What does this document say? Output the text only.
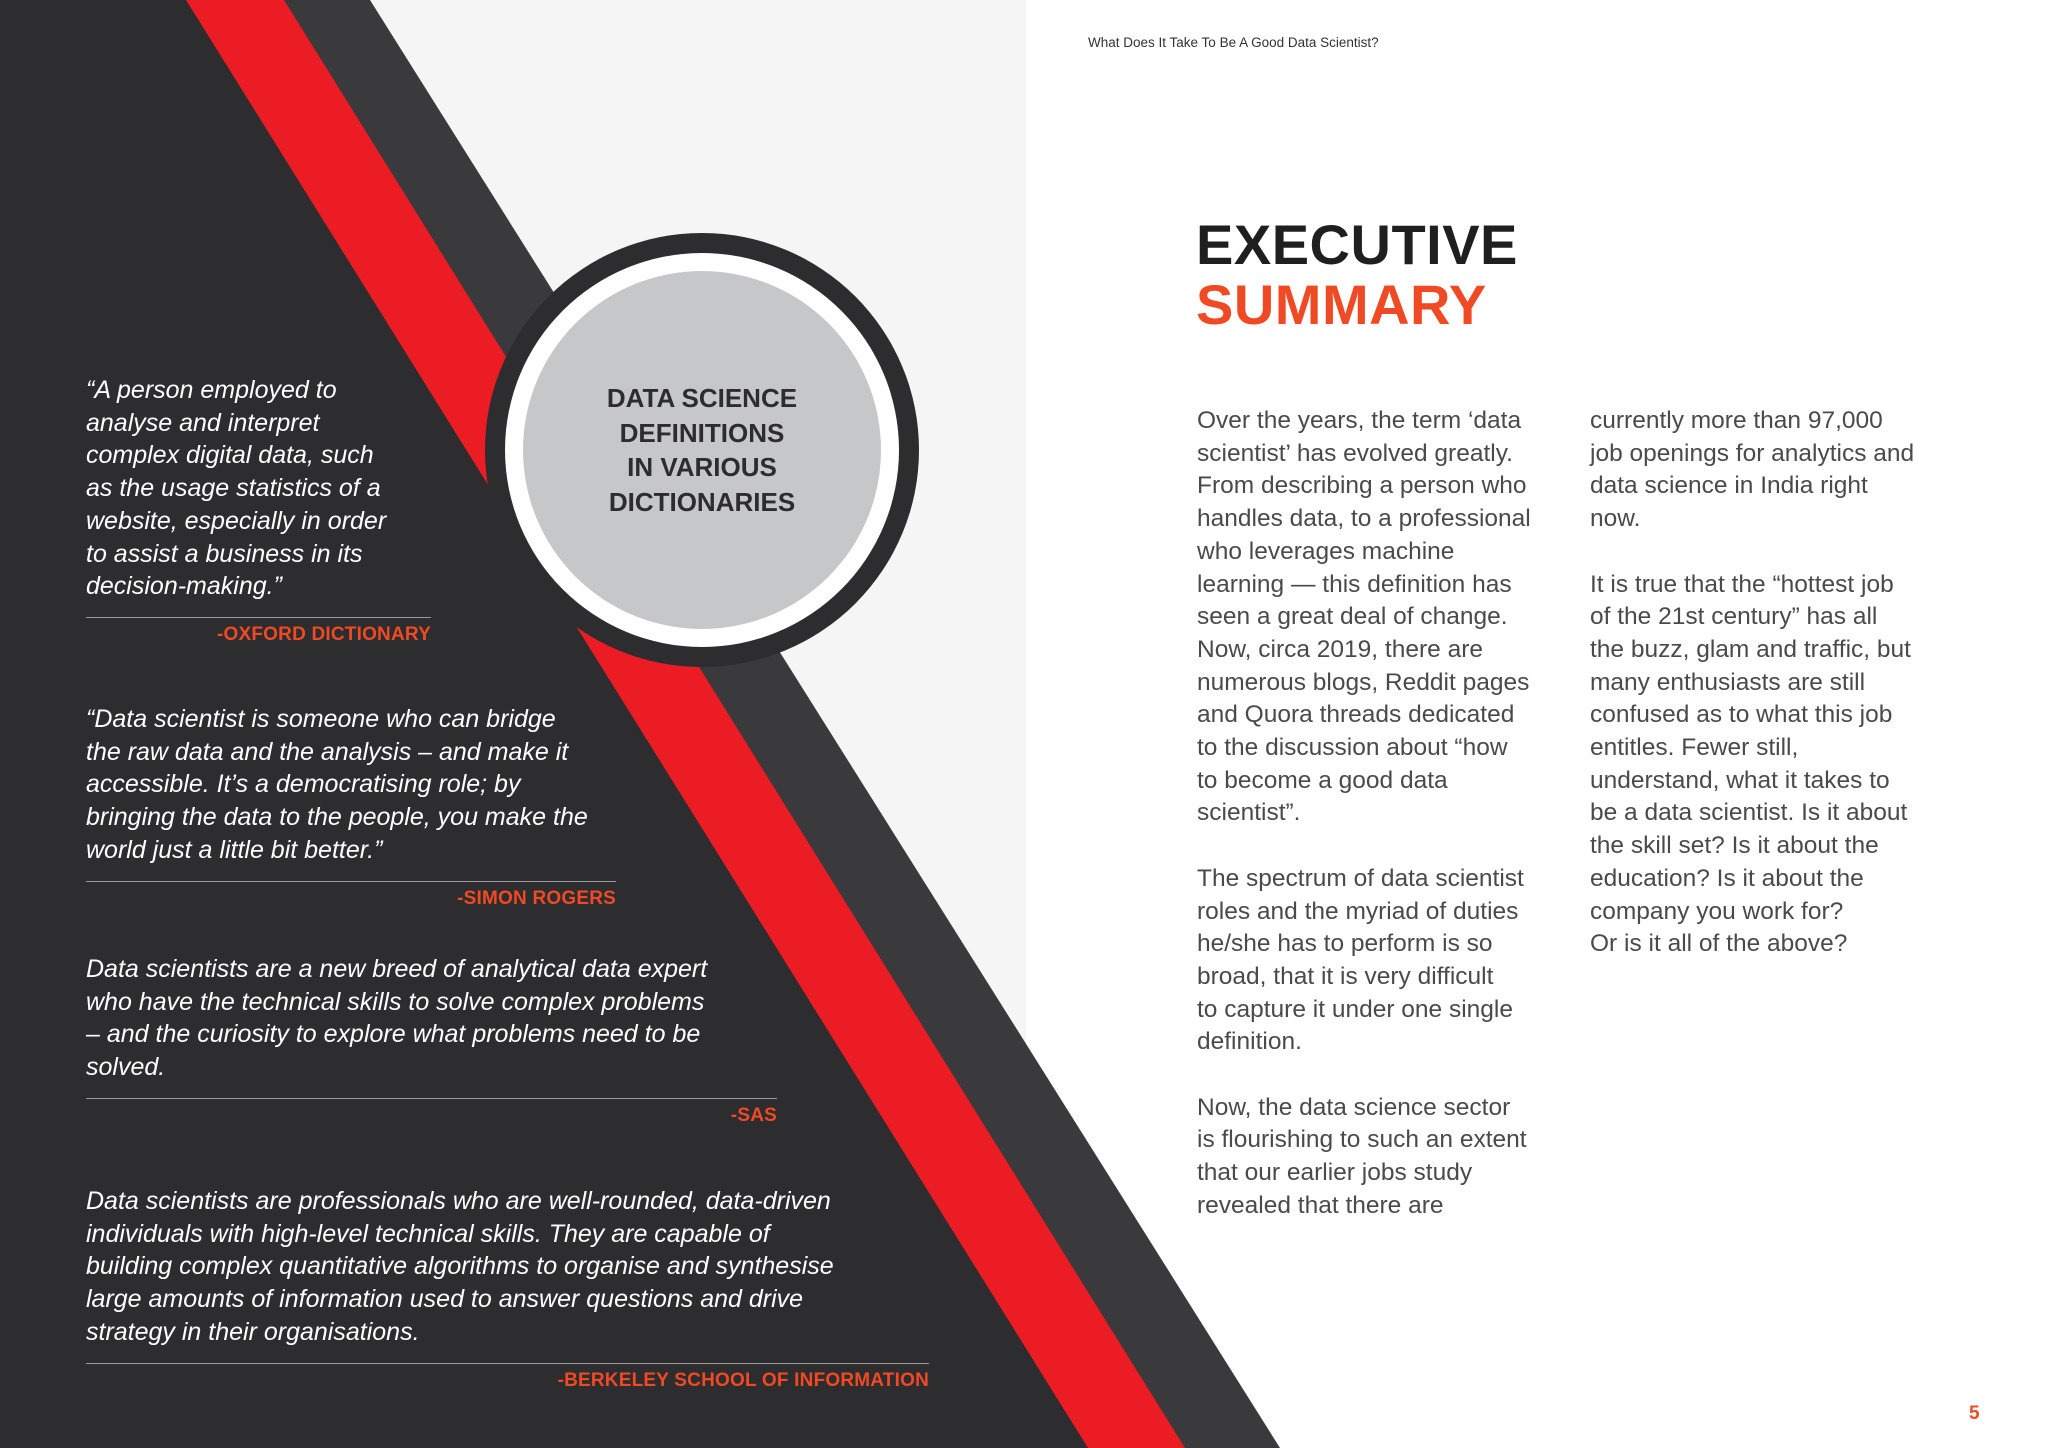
DATA SCIENCE
DEFINITIONS
IN VARIOUS
DICTIONARIES

“A person employed to
analyse and interpret
complex digital data, such
as the usage statistics of a
website, especially in order
to assist a business in its
decision-making.”

-OXFORD DICTIONARY

“Data scientist is someone who can bridge
the raw data and the analysis – and make it
accessible. It’s a democratising role; by
bringing the data to the people, you make the
world just a little bit better.”

-SIMON ROGERS

Data scientists are a new breed of analytical data expert
who have the technical skills to solve complex problems
– and the curiosity to explore what problems need to be
solved.

-SAS

Data scientists are professionals who are well-rounded, data-driven
individuals with high-level technical skills. They are capable of
building complex quantitative algorithms to organise and synthesise
large amounts of information used to answer questions and drive
strategy in their organisations.

-BERKELEY SCHOOL OF INFORMATION

What Does It Take To Be A Good Data Scientist?

EXECUTIVE
SUMMARY

Over the years, the term ‘data
scientist’ has evolved greatly.
From describing a person who
handles data, to a professional
who leverages machine
learning — this definition has
seen a great deal of change.
Now, circa 2019, there are
numerous blogs, Reddit pages
and Quora threads dedicated
to the discussion about “how
to become a good data
scientist”.

The spectrum of data scientist
roles and the myriad of duties
he/she has to perform is so
broad, that it is very difficult
to capture it under one single
definition.

Now, the data science sector
is flourishing to such an extent
that our earlier jobs study
revealed that there are

currently more than 97,000
job openings for analytics and
data science in India right
now.

It is true that the “hottest job
of the 21st century” has all
the buzz, glam and traffic, but
many enthusiasts are still
confused as to what this job
entitles. Fewer still,
understand, what it takes to
be a data scientist. Is it about
the skill set? Is it about the
education? Is it about the
company you work for?
Or is it all of the above?

5
